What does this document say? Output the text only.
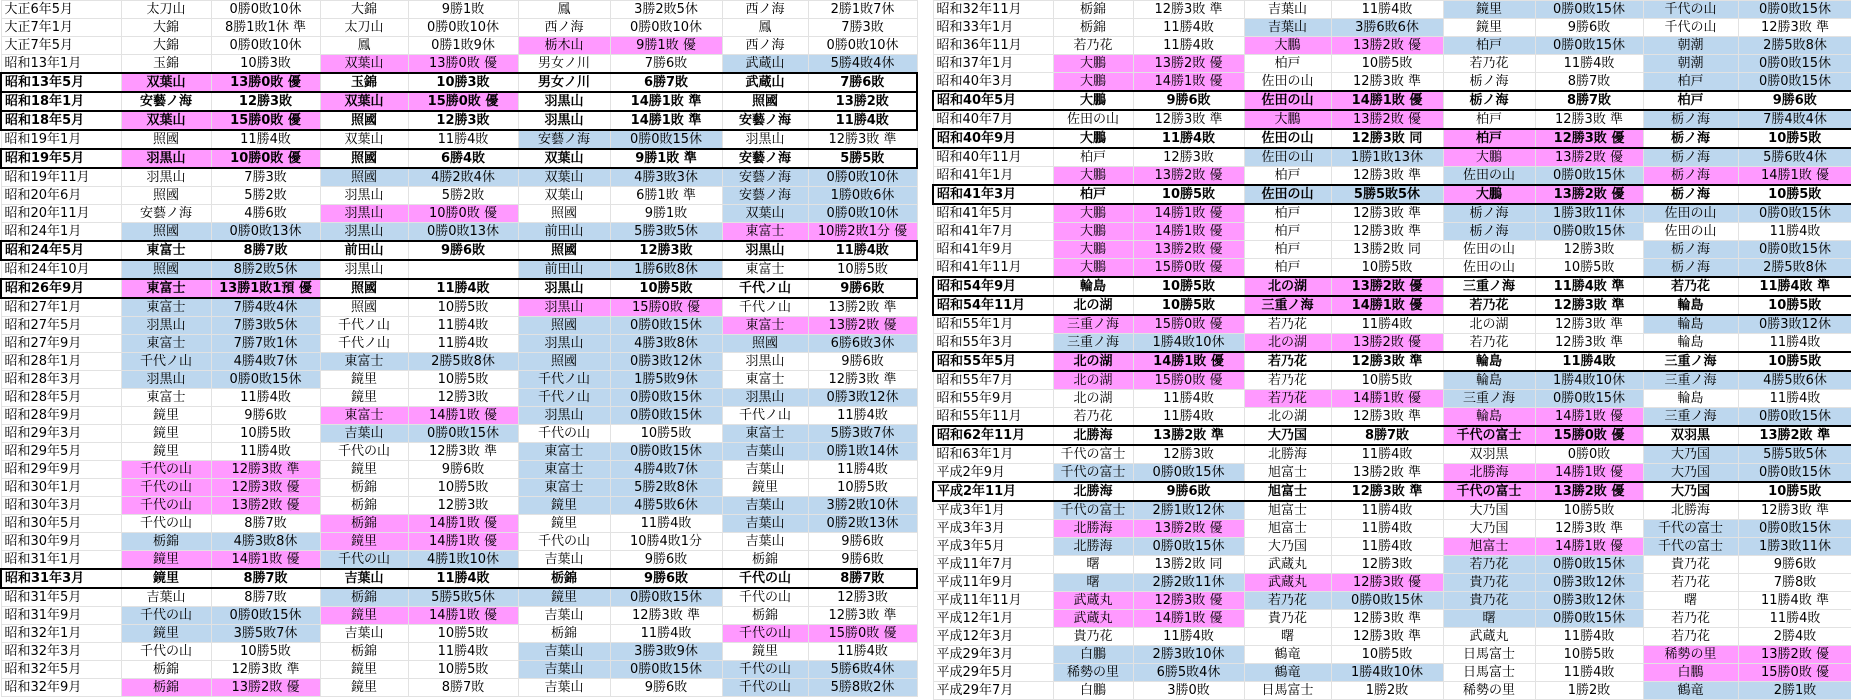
大正6年5月	太刀山	0勝0敗10休	大錦	9勝1敗	鳳	3勝2敗5休	西ノ海	2勝1敗7休
大正7年1月	大錦	8勝1敗1休 準	太刀山	0勝0敗10休	西ノ海	0勝0敗10休	鳳	7勝3敗
大正7年5月	大錦	0勝0敗10休	鳳	0勝1敗9休	栃木山	9勝1敗 優	西ノ海	0勝0敗10休
昭和13年1月	玉錦	10勝3敗	双葉山	13勝0敗 優	男女ノ川	7勝6敗	武蔵山	5勝4敗4休
昭和13年5月	双葉山	13勝0敗 優	玉錦	10勝3敗	男女ノ川	6勝7敗	武蔵山	7勝6敗
昭和18年1月	安藝ノ海	12勝3敗	双葉山	15勝0敗 優	羽黒山	14勝1敗 準	照國	13勝2敗
昭和18年5月	双葉山	15勝0敗 優	照國	12勝3敗	羽黒山	14勝1敗 準	安藝ノ海	11勝4敗
昭和19年1月	照國	11勝4敗	双葉山	11勝4敗	安藝ノ海	0勝0敗15休	羽黒山	12勝3敗 準
昭和19年5月	羽黒山	10勝0敗 優	照國	6勝4敗	双葉山	9勝1敗 準	安藝ノ海	5勝5敗
昭和19年11月	羽黒山	7勝3敗	照國	4勝2敗4休	双葉山	4勝3敗3休	安藝ノ海	0勝0敗10休
昭和20年6月	照國	5勝2敗	羽黒山	5勝2敗	双葉山	6勝1敗 準	安藝ノ海	1勝0敗6休
昭和20年11月	安藝ノ海	4勝6敗	羽黒山	10勝0敗 優	照國	9勝1敗	双葉山	0勝0敗10休
昭和24年1月	照國	0勝0敗13休	羽黒山	0勝0敗13休	前田山	5勝3敗5休	東富士	10勝2敗1分 優
昭和24年5月	東富士	8勝7敗	前田山	9勝6敗	照國	12勝3敗	羽黒山	11勝4敗
昭和24年10月	照國	8勝2敗5休	羽黒山		前田山	1勝6敗8休	東富士	10勝5敗
昭和26年9月	東富士	13勝1敗1預 優	照國	11勝4敗	羽黒山	10勝5敗	千代ノ山	9勝6敗
昭和27年1月	東富士	7勝4敗4休	照國	10勝5敗	羽黒山	15勝0敗 優	千代ノ山	13勝2敗 準
昭和27年5月	羽黒山	7勝3敗5休	千代ノ山	11勝4敗	照國	0勝0敗15休	東富士	13勝2敗 優
昭和27年9月	東富士	7勝7敗1休	千代ノ山	11勝4敗	羽黒山	4勝3敗8休	照國	6勝6敗3休
昭和28年1月	千代ノ山	4勝4敗7休	東富士	2勝5敗8休	照國	0勝3敗12休	羽黒山	9勝6敗
昭和28年3月	羽黒山	0勝0敗15休	鏡里	10勝5敗	千代ノ山	1勝5敗9休	東富士	12勝3敗 準
昭和28年5月	東富士	11勝4敗	鏡里	12勝3敗	千代ノ山	0勝0敗15休	羽黒山	0勝3敗12休
昭和28年9月	鏡里	9勝6敗	東富士	14勝1敗 優	羽黒山	0勝0敗15休	千代ノ山	11勝4敗
昭和29年3月	鏡里	10勝5敗	吉葉山	0勝0敗15休	千代の山	10勝5敗	東富士	5勝3敗7休
昭和29年5月	鏡里	11勝4敗	千代の山	12勝3敗 準	東富士	0勝0敗15休	吉葉山	0勝1敗14休
昭和29年9月	千代の山	12勝3敗 準	鏡里	9勝6敗	東富士	4勝4敗7休	吉葉山	11勝4敗
昭和30年1月	千代の山	12勝3敗 優	栃錦	10勝5敗	東富士	5勝2敗8休	鏡里	10勝5敗
昭和30年3月	千代の山	13勝2敗 優	栃錦	12勝3敗	鏡里	4勝5敗6休	吉葉山	3勝2敗10休
昭和30年5月	千代の山	8勝7敗	栃錦	14勝1敗 優	鏡里	11勝4敗	吉葉山	0勝2敗13休
昭和30年9月	栃錦	4勝3敗8休	鏡里	14勝1敗 優	千代の山	10勝4敗1分	吉葉山	9勝6敗
昭和31年1月	鏡里	14勝1敗 優	千代の山	4勝1敗10休	吉葉山	9勝6敗	栃錦	9勝6敗
昭和31年3月	鏡里	8勝7敗	吉葉山	11勝4敗	栃錦	9勝6敗	千代の山	8勝7敗
昭和31年5月	吉葉山	8勝7敗	栃錦	5勝5敗5休	鏡里	0勝0敗15休	千代の山	12勝3敗
昭和31年9月	千代の山	0勝0敗15休	鏡里	14勝1敗 優	吉葉山	12勝3敗 準	栃錦	12勝3敗 準
昭和32年1月	鏡里	3勝5敗7休	吉葉山	10勝5敗	栃錦	11勝4敗	千代の山	15勝0敗 優
昭和32年3月	千代の山	10勝5敗	栃錦	11勝4敗	吉葉山	3勝3敗9休	鏡里	11勝4敗
昭和32年5月	栃錦	12勝3敗 準	鏡里	10勝5敗	吉葉山	0勝0敗15休	千代の山	5勝6敗4休
昭和32年9月	栃錦	13勝2敗 優	鏡里	8勝7敗	吉葉山	9勝6敗	千代の山	5勝8敗2休
昭和32年11月	栃錦	12勝3敗 準	吉葉山	11勝4敗	鏡里	0勝0敗15休	千代の山	0勝0敗15休
昭和33年1月	栃錦	11勝4敗	吉葉山	3勝6敗6休	鏡里	9勝6敗	千代の山	12勝3敗 準
昭和36年11月	若乃花	11勝4敗	大鵬	13勝2敗 優	柏戸	0勝0敗15休	朝潮	2勝5敗8休
昭和37年1月	大鵬	13勝2敗 優	柏戸	10勝5敗	若乃花	11勝4敗	朝潮	0勝0敗15休
昭和40年3月	大鵬	14勝1敗 優	佐田の山	12勝3敗 準	栃ノ海	8勝7敗	柏戸	0勝0敗15休
昭和40年5月	大鵬	9勝6敗	佐田の山	14勝1敗 優	栃ノ海	8勝7敗	柏戸	9勝6敗
昭和40年7月	佐田の山	12勝3敗 準	大鵬	13勝2敗 優	柏戸	12勝3敗 準	栃ノ海	7勝4敗4休
昭和40年9月	大鵬	11勝4敗	佐田の山	12勝3敗 同	柏戸	12勝3敗 優	栃ノ海	10勝5敗
昭和40年11月	柏戸	12勝3敗	佐田の山	1勝1敗13休	大鵬	13勝2敗 優	栃ノ海	5勝6敗4休
昭和41年1月	大鵬	13勝2敗 優	柏戸	12勝3敗 準	佐田の山	0勝0敗15休	栃ノ海	14勝1敗 優
昭和41年3月	柏戸	10勝5敗	佐田の山	5勝5敗5休	大鵬	13勝2敗 優	栃ノ海	10勝5敗
昭和41年5月	大鵬	14勝1敗 優	柏戸	12勝3敗 準	栃ノ海	1勝3敗11休	佐田の山	0勝0敗15休
昭和41年7月	大鵬	14勝1敗 優	柏戸	12勝3敗 準	栃ノ海	0勝0敗15休	佐田の山	11勝4敗
昭和41年9月	大鵬	13勝2敗 優	柏戸	13勝2敗 同	佐田の山	12勝3敗	栃ノ海	0勝0敗15休
昭和41年11月	大鵬	15勝0敗 優	柏戸	10勝5敗	佐田の山	10勝5敗	栃ノ海	2勝5敗8休
昭和54年9月	輪島	10勝5敗	北の湖	13勝2敗 優	三重ノ海	11勝4敗 準	若乃花	11勝4敗 準
昭和54年11月	北の湖	10勝5敗	三重ノ海	14勝1敗 優	若乃花	12勝3敗 準	輪島	10勝5敗
昭和55年1月	三重ノ海	15勝0敗 優	若乃花	11勝4敗	北の湖	12勝3敗 準	輪島	0勝3敗12休
昭和55年3月	三重ノ海	1勝4敗10休	北の湖	13勝2敗 優	若乃花	12勝3敗 準	輪島	11勝4敗
昭和55年5月	北の湖	14勝1敗 優	若乃花	12勝3敗 準	輪島	11勝4敗	三重ノ海	10勝5敗
昭和55年7月	北の湖	15勝0敗 優	若乃花	10勝5敗	輪島	1勝4敗10休	三重ノ海	4勝5敗6休
昭和55年9月	北の湖	11勝4敗	若乃花	14勝1敗 優	三重ノ海	0勝0敗15休	輪島	11勝4敗
昭和55年11月	若乃花	11勝4敗	北の湖	12勝3敗 準	輪島	14勝1敗 優	三重ノ海	0勝0敗15休
昭和62年11月	北勝海	13勝2敗 準	大乃国	8勝7敗	千代の富士	15勝0敗 優	双羽黒	13勝2敗 準
昭和63年1月	千代の富士	12勝3敗	北勝海	11勝4敗	双羽黒	0勝0敗	大乃国	5勝5敗5休
平成2年9月	千代の富士	0勝0敗15休	旭富士	13勝2敗 準	北勝海	14勝1敗 優	大乃国	0勝0敗15休
平成2年11月	北勝海	9勝6敗	旭富士	12勝3敗 準	千代の富士	13勝2敗 優	大乃国	10勝5敗
平成3年1月	千代の富士	2勝1敗12休	旭富士	11勝4敗	大乃国	10勝5敗	北勝海	12勝3敗 準
平成3年3月	北勝海	13勝2敗 優	旭富士	11勝4敗	大乃国	12勝3敗 準	千代の富士	0勝0敗15休
平成3年5月	北勝海	0勝0敗15休	大乃国	11勝4敗	旭富士	14勝1敗 優	千代の富士	1勝3敗11休
平成11年7月	曙	13勝2敗 同	武蔵丸	12勝3敗	若乃花	0勝0敗15休	貴乃花	9勝6敗
平成11年9月	曙	2勝2敗11休	武蔵丸	12勝3敗 優	貴乃花	0勝3敗12休	若乃花	7勝8敗
平成11年11月	武蔵丸	12勝3敗 優	若乃花	0勝0敗15休	貴乃花	0勝3敗12休	曙	11勝4敗 準
平成12年1月	武蔵丸	14勝1敗 優	貴乃花	12勝3敗 準	曙	0勝0敗15休	若乃花	11勝4敗
平成12年3月	貴乃花	11勝4敗	曙	12勝3敗 準	武蔵丸	11勝4敗	若乃花	2勝4敗
平成29年3月	白鵬	2勝3敗10休	鶴竜	10勝5敗	日馬富士	10勝5敗	稀勢の里	13勝2敗 優
平成29年5月	稀勢の里	6勝5敗4休	鶴竜	1勝4敗10休	日馬富士	11勝4敗	白鵬	15勝0敗 優
平成29年7月	白鵬	3勝0敗	日馬富士	1勝2敗	稀勢の里	1勝2敗	鶴竜	2勝1敗
